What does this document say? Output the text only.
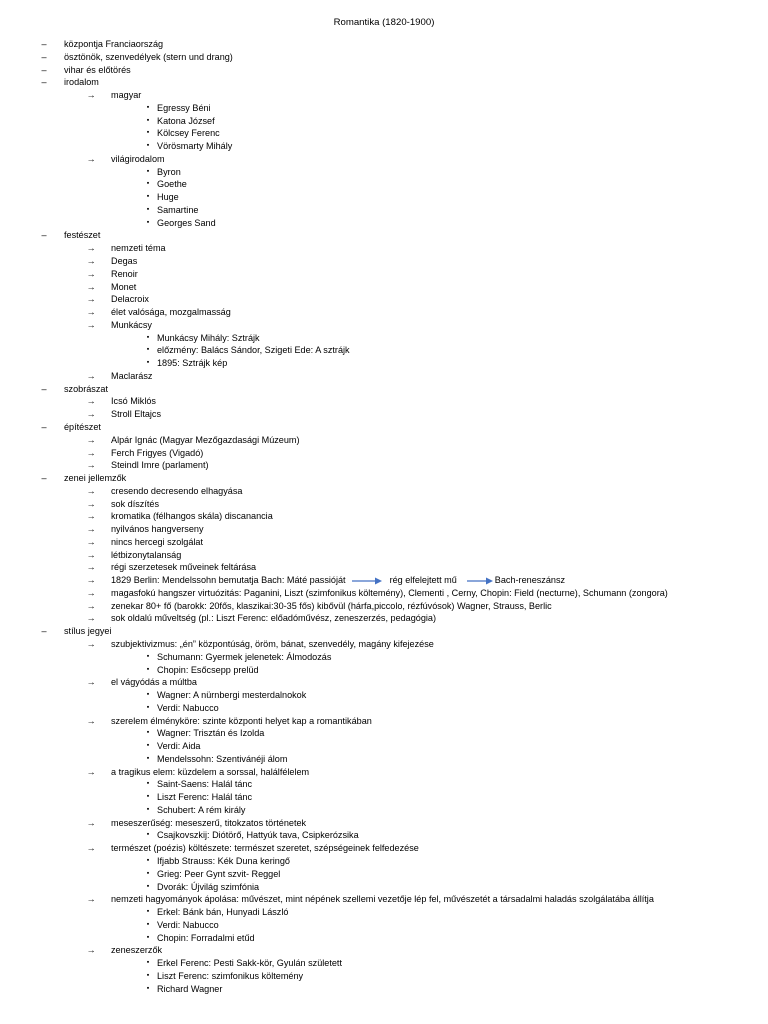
Romantika (1820-1900)
–	központja Franciaország
–	ösztönök, szenvedélyek (stern und drang)
–	vihar és előtörés
–	irodalom
→ magyar
▪ Egressy Béni
▪ Katona József
▪ Kölcsey Ferenc
▪ Vörösmarty Mihály
→ világirodalom
▪ Byron
▪ Goethe
▪ Huge
▪ Samartine
▪ Georges Sand
–	festészet
→ nemzeti téma
→ Degas
→ Renoir
→ Monet
→ Delacroix
→ élet valósága, mozgalmasság
→ Munkácsy
▪ Munkácsy Mihály: Sztrájk
▪ előzmény: Balács Sándor, Szigeti Ede: A sztrájk
▪ 1895: Sztrájk kép
→ Maclarász
–	szobrászat
→ Icsó Miklós
→ Stroll Eltajcs
–	építészet
→ Alpár Ignác (Magyar Mezőgazdasági Múzeum)
→ Ferch Frigyes (Vigadó)
→ Steindl Imre (parlament)
–	zenei jellemzők
→ cresendo decresendo elhagyása
→ sok díszítés
→ kromatika (félhangos skála) discanancia
→ nyilvános hangverseny
→ nincs hercegi szolgálat
→ létbizonytalanság
→ régi szerzetesek műveinek feltárása
→ 1829 Berlin: Mendelssohn bemutatja Bach: Máté passióját	rég elfelejtett mű	Bach-reneszánsz
→ magasfokú hangszer virtuózitás: Paganini, Liszt (szimfonikus költemény), Clementi , Cerny, Chopin: Field (necturne), Schumann (zongora)
→ zenekar 80+ fő (barokk: 20fős, klaszikai:30-35 fős) kibővül (hárfa,piccolo, rézfúvósok) Wagner, Strauss, Berlic
→ sok oldalú műveltség (pl.: Liszt Ferenc: előadóművész, zeneszerzés, pedagógia)
–	stílus jegyei
→ szubjektivizmus: „én” központúság, öröm, bánat, szenvedély, magány kifejezése
▪ Schumann: Gyermek jelenetek: Álmodozás
▪ Chopin: Esőcsepp prelüd
→ el vágyódás a múltba
▪ Wagner: A nürnbergi mesterdalnokok
▪ Verdi: Nabucco
→ szerelem élményköre: szinte központi helyet kap a romantikában
▪ Wagner: Trisztán és Izolda
▪ Verdi: Aida
▪ Mendelssohn: Szentivánéji álom
→ a tragikus elem: küzdelem a sorssal, halálfélelem
▪ Saint-Saens: Halál tánc
▪ Liszt Ferenc: Halál tánc
▪ Schubert: A rém király
→ meseszerűség: meseszerű, titokzatos történetek
▪ Csajkovszkij: Diótörő, Hattyúk tava, Csipkerózsika
→ természet (poézis) költészete: természet szeretet, szépségeinek felfedezése
▪ Ifjabb Strauss: Kék Duna keringő
▪ Grieg: Peer Gynt szvit- Reggel
▪ Dvorák: Újvilág szimfónia
→ nemzeti hagyományok ápolása: művészet, mint népének szellemi vezetője lép fel, művészetét a társadalmi haladás szolgálatába állítja
▪ Erkel: Bánk bán, Hunyadi László
▪ Verdi: Nabucco
▪ Chopin: Forradalmi etűd
→ zeneszerzők
▪ Erkel Ferenc: Pesti Sakk-kör, Gyulán született
▪ Liszt Ferenc: szimfonikus költemény
▪ Richard Wagner
